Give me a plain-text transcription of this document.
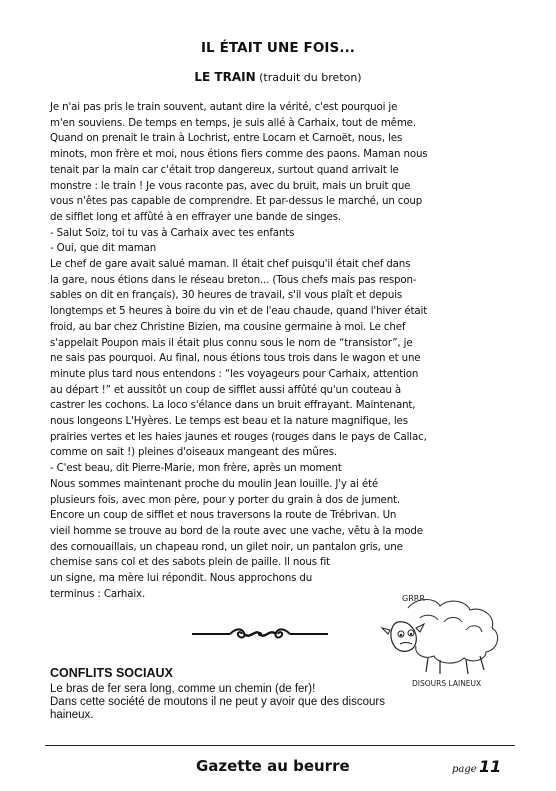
IL ÉTAIT UNE FOIS...
LE TRAIN (traduit du breton)

Je n'ai pas pris le train souvent, autant dire la vérité, c'est pourquoi je

m'en souviens. De temps en temps, je suis allé à Carhaix, tout de même.

Quand on prenait le train à Lochrist, entre Locarn et Carnoët, nous, les

minots, mon frère et moi, nous étions fiers comme des paons. Maman nous

tenait par la main car c'était trop dangereux, surtout quand arrivait le

monstre : le train ! Je vous raconte pas, avec du bruit, mais un bruit que

vous n'êtes pas capable de comprendre. Et par-dessus le marché, un coup

de sifflet long et affûté à en effrayer une bande de singes.

- Salut Soiz, toi tu vas à Carhaix avec tes enfants

- Oui, que dit maman

Le chef de gare avait salué maman. Il était chef puisqu'il était chef dans

la gare, nous étions dans le réseau breton... (Tous chefs mais pas respon-

sables on dit en français), 30 heures de travail, s'il vous plaît et depuis

longtemps et 5 heures à boire du vin et de l'eau chaude, quand l'hiver était

froid, au bar chez Christine Bizien, ma cousine germaine à moi. Le chef

s'appelait Poupon mais il était plus connu sous le nom de “transistor”, je

ne sais pas pourquoi. Au final, nous étions tous trois dans le wagon et une

minute plus tard nous entendons : “les voyageurs pour Carhaix, attention

au départ !” et aussitôt un coup de sifflet aussi affûté qu'un couteau à

castrer les cochons. La loco s'élance dans un bruit effrayant. Maintenant,

nous longeons L'Hyères. Le temps est beau et la nature magnifique, les

prairies vertes et les haies jaunes et rouges (rouges dans le pays de Callac,

comme on sait !) pleines d'oiseaux mangeant des mûres.

- C'est beau, dit Pierre-Marie, mon frère, après un moment

Nous sommes maintenant proche du moulin Jean Iouille. J'y ai été

plusieurs fois, avec mon père, pour y porter du grain à dos de jument.

Encore un coup de sifflet et nous traversons la route de Trébrivan. Un

vieil homme se trouve au bord de la route avec une vache, vêtu à la mode

des cornouaillais, un chapeau rond, un gilet noir, un pantalon gris, une

chemise sans col et des sabots plein de paille. Il nous fit

un signe, ma mère lui répondit. Nous approchons du

terminus : Carhaix.	GRRR
DISOURS LAINEUX
CONFLITS SOCIAUX

Le bras de fer sera long, comme un chemin (de fer)!

Dans cette société de moutons il ne peut y avoir que des discours

haineux.

Gazette au beurre	page 11
